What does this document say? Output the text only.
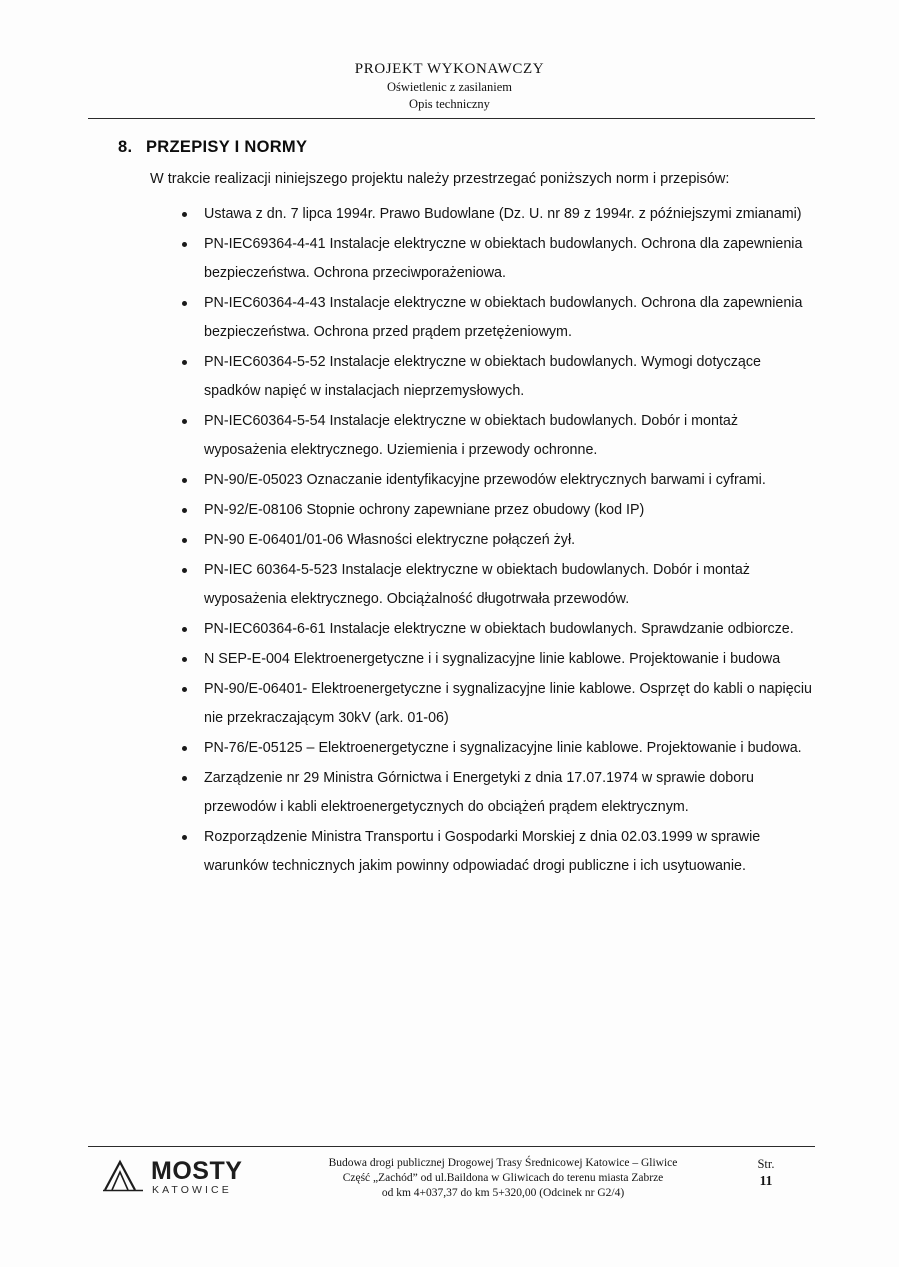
PROJEKT WYKONAWCZY
Oświetlenic z zasilaniem
Opis techniczny
8. PRZEPISY I NORMY

W trakcie realizacji niniejszego projektu należy przestrzegać poniższych norm i przepisów:

Ustawa z dn. 7 lipca 1994r. Prawo Budowlane (Dz. U. nr 89 z 1994r. z późniejszymi zmianami)
PN-IEC69364-4-41 Instalacje elektryczne w obiektach budowlanych. Ochrona dla zapewnienia bezpieczeństwa. Ochrona przeciwporażeniowa.
PN-IEC60364-4-43 Instalacje elektryczne w obiektach budowlanych. Ochrona dla zapewnienia bezpieczeństwa. Ochrona przed prądem przetężeniowym.
PN-IEC60364-5-52 Instalacje elektryczne w obiektach budowlanych. Wymogi dotyczące spadków napięć w instalacjach nieprzemysłowych.
PN-IEC60364-5-54 Instalacje elektryczne w obiektach budowlanych. Dobór i montaż wyposażenia elektrycznego. Uziemienia i przewody ochronne.
PN-90/E-05023 Oznaczanie identyfikacyjne przewodów elektrycznych barwami i cyframi.
PN-92/E-08106 Stopnie ochrony zapewniane przez obudowy (kod IP)
PN-90 E-06401/01-06 Własności elektryczne połączeń żył.
PN-IEC 60364-5-523 Instalacje elektryczne w obiektach budowlanych. Dobór i montaż wyposażenia elektrycznego. Obciążalność długotrwała przewodów.
PN-IEC60364-6-61 Instalacje elektryczne w obiektach budowlanych. Sprawdzanie odbiorcze.
N SEP-E-004 Elektroenergetyczne i i sygnalizacyjne linie kablowe. Projektowanie i budowa
PN-90/E-06401- Elektroenergetyczne i sygnalizacyjne linie kablowe. Osprzęt do kabli o napięciu nie przekraczającym 30kV (ark. 01-06)
PN-76/E-05125 – Elektroenergetyczne i sygnalizacyjne linie kablowe. Projektowanie i budowa.
Zarządzenie nr 29 Ministra Górnictwa i Energetyki z dnia 17.07.1974 w sprawie doboru przewodów i kabli elektroenergetycznych do obciążeń prądem elektrycznym.
Rozporządzenie Ministra Transportu i Gospodarki Morskiej z dnia 02.03.1999 w sprawie warunków technicznych jakim powinny odpowiadać drogi publiczne i ich usytuowanie.
MOSTY
KATOWICE
Budowa drogi publicznej Drogowej Trasy Średnicowej Katowice – Gliwice
Część „Zachód” od ul.Baildona w Gliwicach do terenu miasta Zabrze
od km 4+037,37 do km 5+320,00 (Odcinek nr G2/4)
Str.
11
